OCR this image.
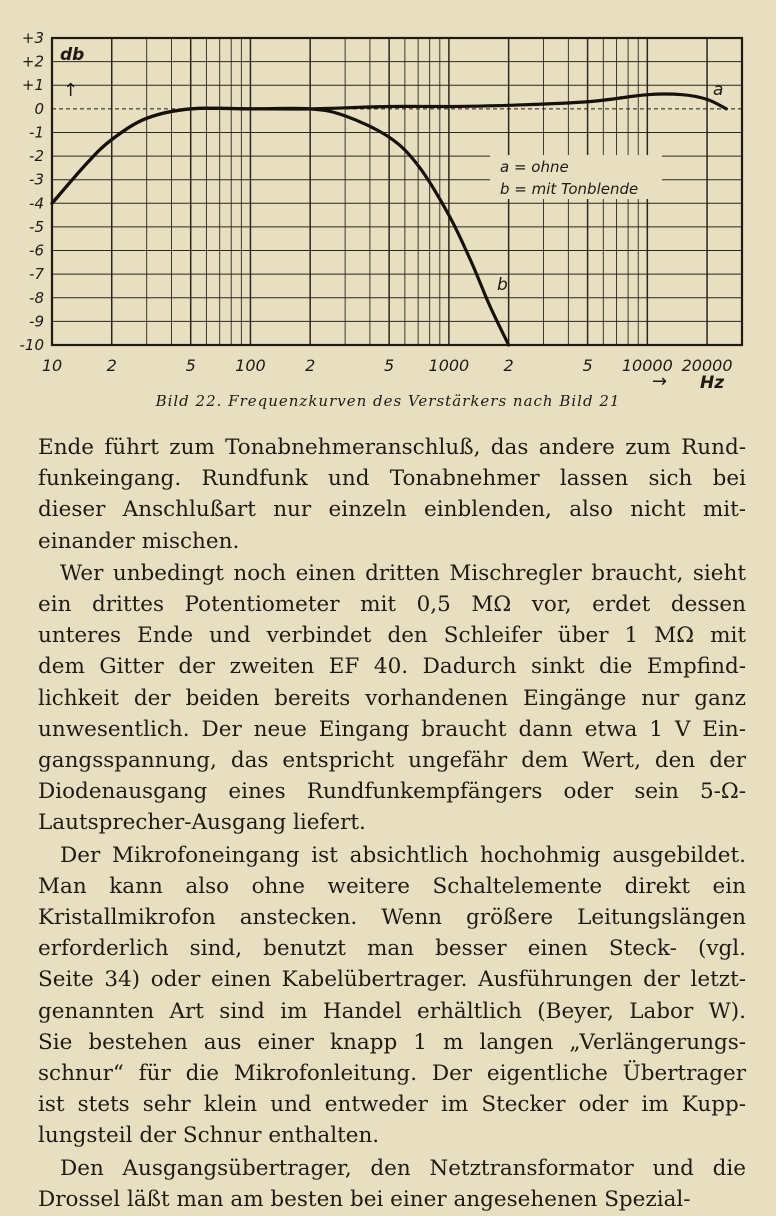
+3
+2
+1
0
-1
-2
-3
-4
-5
-6
-7
-8
-9
-10
10	2	5 100 2	5 1000 2	5 10000 20000
db
↑
a = ohne
b = mit Tonblende
a
b
→ Hz
Bild 22. Frequenzkurven des Verstärkers nach Bild 21
Ende führt zum Tonabnehmeranschluß, das andere zum Rund-
funkeingang. Rundfunk und Tonabnehmer lassen sich bei
dieser Anschlußart nur einzeln einblenden, also nicht mit-
einander mischen.
Wer unbedingt noch einen dritten Mischregler braucht, sieht
ein drittes Potentiometer mit 0,5 MΩ vor, erdet dessen
unteres Ende und verbindet den Schleifer über 1 MΩ mit
dem Gitter der zweiten EF 40. Dadurch sinkt die Empfind-
lichkeit der beiden bereits vorhandenen Eingänge nur ganz
unwesentlich. Der neue Eingang braucht dann etwa 1 V Ein-
gangsspannung, das entspricht ungefähr dem Wert, den der
Diodenausgang eines Rundfunkempfängers oder sein 5-Ω-
Lautsprecher-Ausgang liefert.
Der Mikrofoneingang ist absichtlich hochohmig ausgebildet.
Man kann also ohne weitere Schaltelemente direkt ein
Kristallmikrofon anstecken. Wenn größere Leitungslängen
erforderlich sind, benutzt man besser einen Steck- (vgl.
Seite 34) oder einen Kabelübertrager. Ausführungen der letzt-
genannten Art sind im Handel erhältlich (Beyer, Labor W).
Sie bestehen aus einer knapp 1 m langen „Verlängerungs-
schnur“ für die Mikrofonleitung. Der eigentliche Übertrager
ist stets sehr klein und entweder im Stecker oder im Kupp-
lungsteil der Schnur enthalten.
Den Ausgangsübertrager, den Netztransformator und die
Drossel läßt man am besten bei einer angesehenen Spezial-
